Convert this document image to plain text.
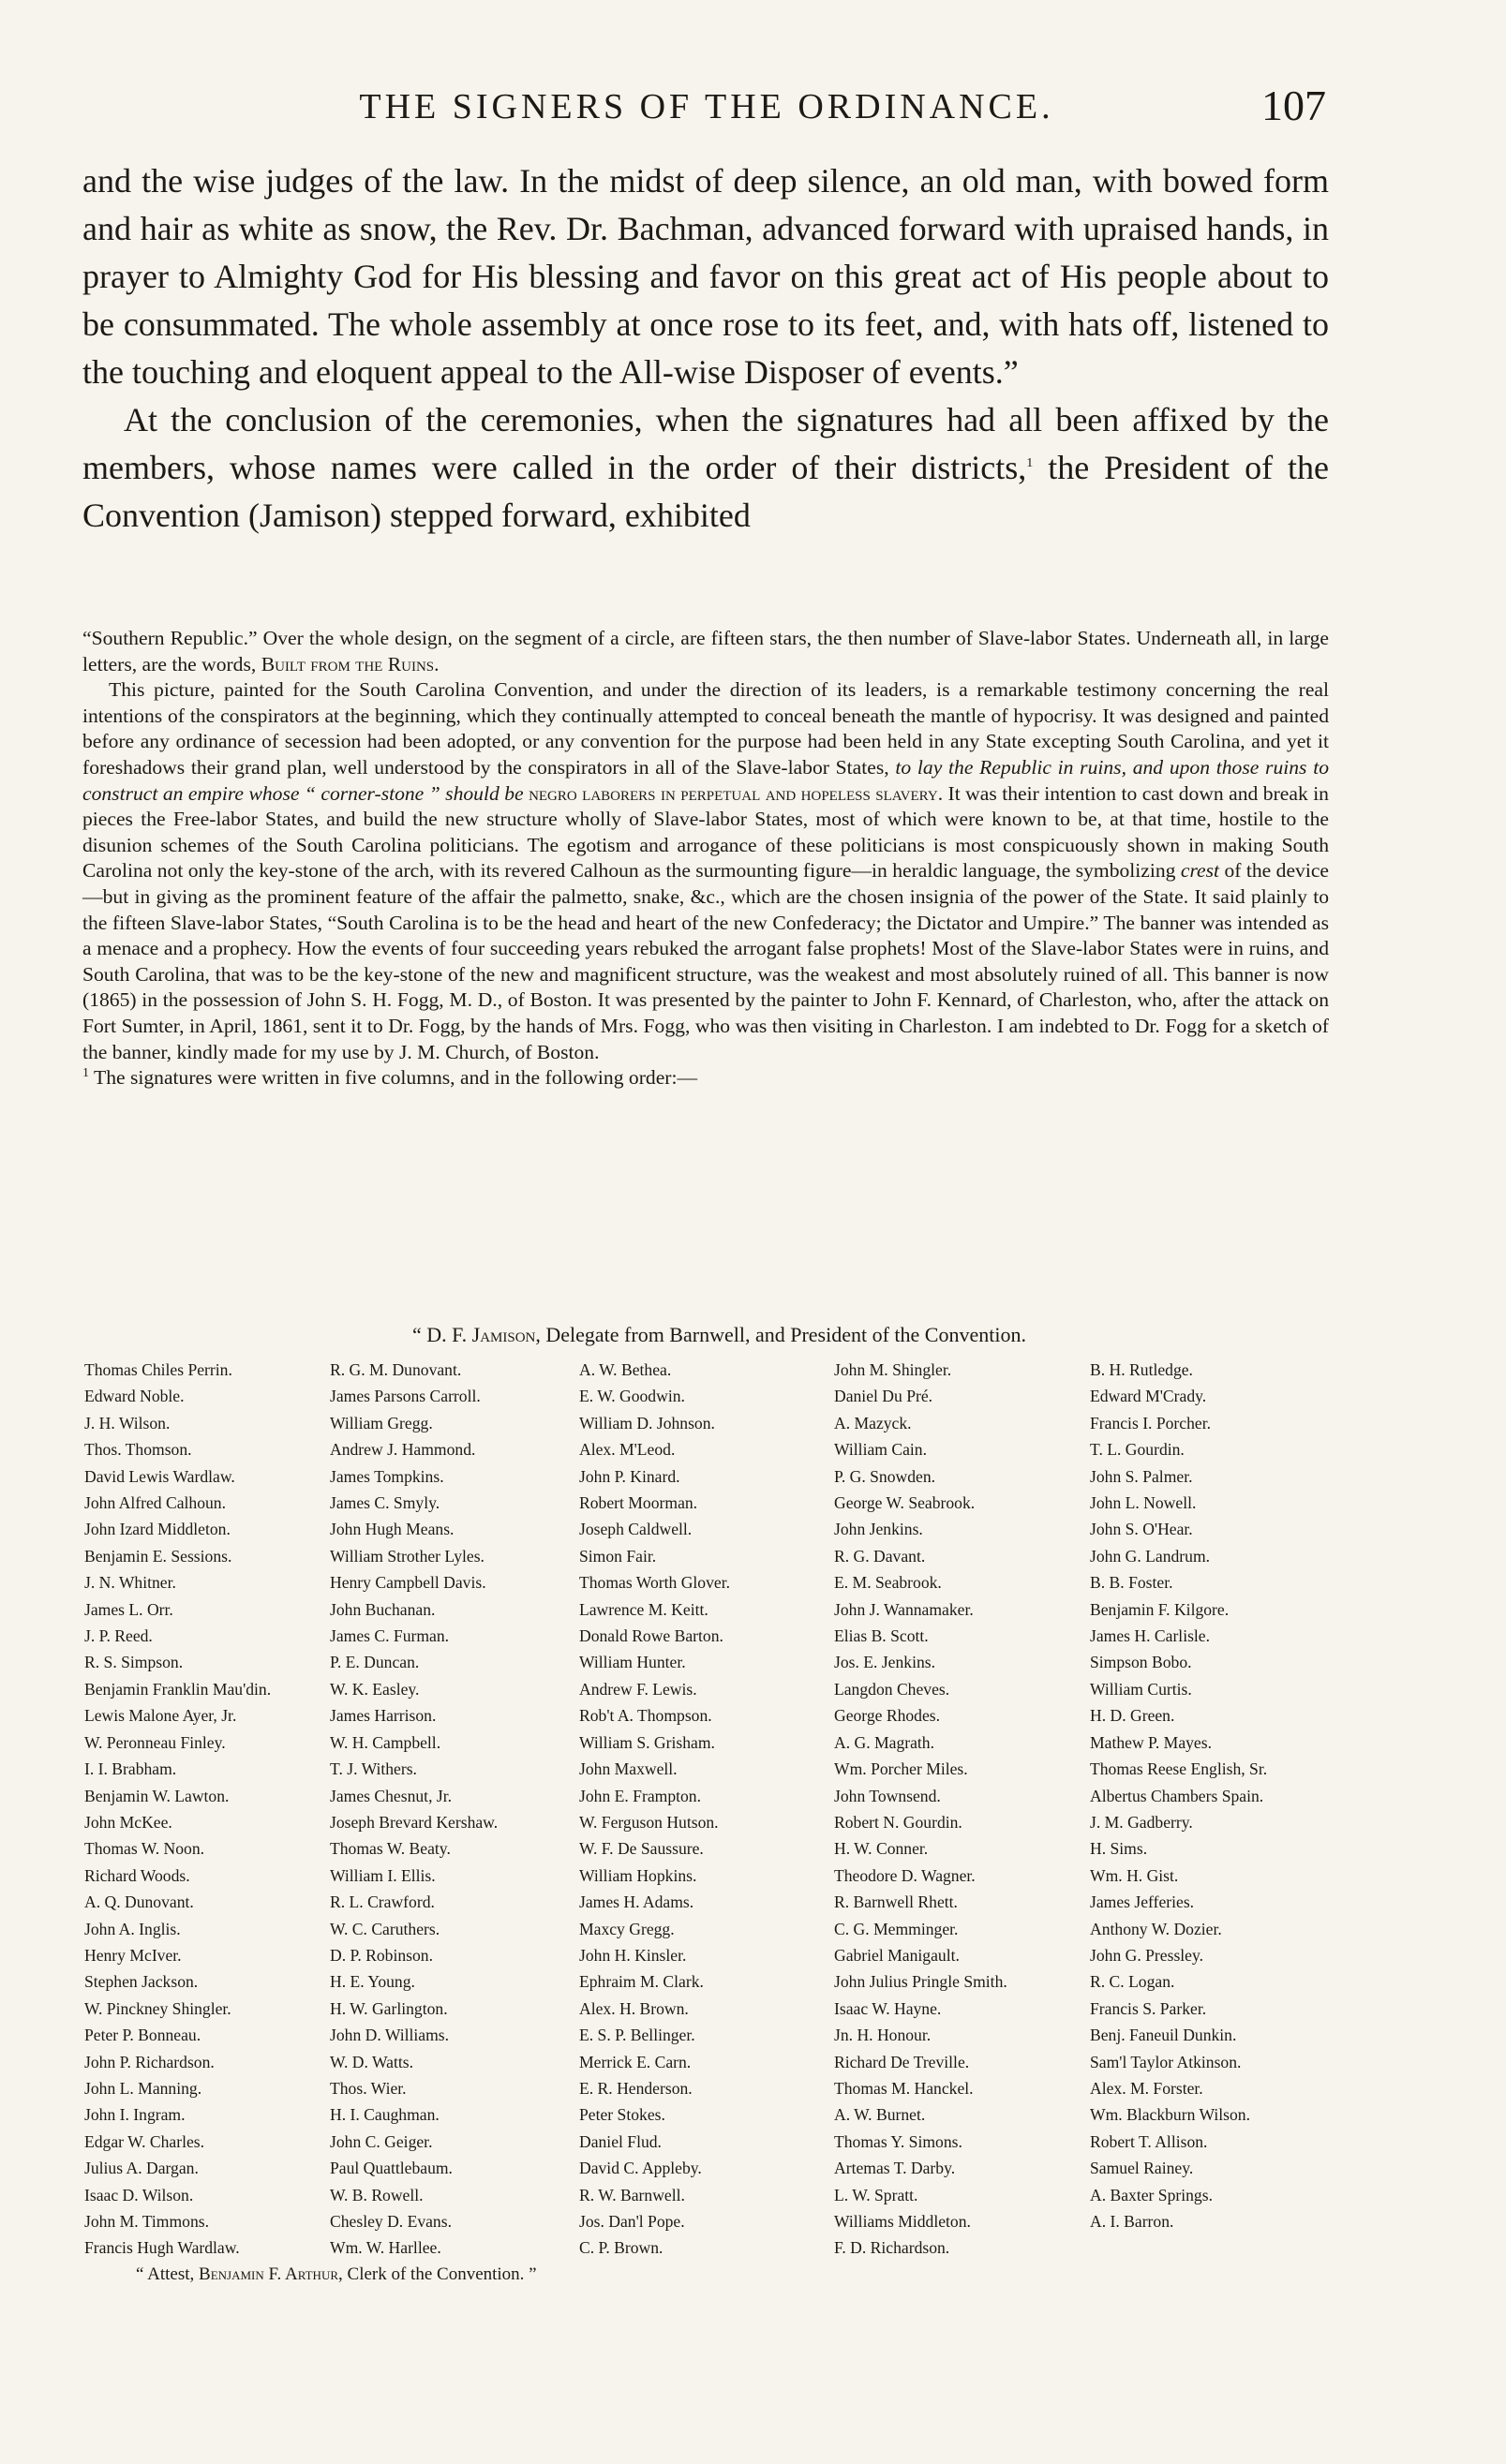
THE SIGNERS OF THE ORDINANCE.	107

and the wise judges of the law. In the midst of deep silence, an old man, with bowed form and hair as white as snow, the Rev. Dr. Bachman, advanced forward with upraised hands, in prayer to Almighty God for His blessing and favor on this great act of His people about to be consummated. The whole assembly at once rose to its feet, and, with hats off, listened to the touching and eloquent appeal to the All-wise Disposer of events.”

At the conclusion of the ceremonies, when the signatures had all been affixed by the members, whose names were called in the order of their districts,$^1$ the President of the Convention (Jamison) stepped forward, exhibited

“Southern Republic.” Over the whole design, on the segment of a circle, are fifteen stars, the then number of Slave-labor States. Underneath all, in large letters, are the words, Built from the Ruins.

This picture, painted for the South Carolina Convention, and under the direction of its leaders, is a remarkable testimony concerning the real intentions of the conspirators at the beginning, which they continually attempted to conceal beneath the mantle of hypocrisy. It was designed and painted before any ordinance of secession had been adopted, or any convention for the purpose had been held in any State excepting South Carolina, and yet it foreshadows their grand plan, well understood by the conspirators in all of the Slave-labor States, to lay the Republic in ruins, and upon those ruins to construct an empire whose “ corner-stone ” should be negro laborers in perpetual and hopeless slavery. It was their intention to cast down and break in pieces the Free-labor States, and build the new structure wholly of Slave-labor States, most of which were known to be, at that time, hostile to the disunion schemes of the South Carolina politicians. The egotism and arrogance of these politicians is most conspicuously shown in making South Carolina not only the key-stone of the arch, with its revered Calhoun as the surmounting figure—in heraldic language, the symbolizing crest of the device—but in giving as the prominent feature of the affair the palmetto, snake, &c., which are the chosen insignia of the power of the State. It said plainly to the fifteen Slave-labor States, “South Carolina is to be the head and heart of the new Confederacy; the Dictator and Umpire.” The banner was intended as a menace and a prophecy. How the events of four succeeding years rebuked the arrogant false prophets! Most of the Slave-labor States were in ruins, and South Carolina, that was to be the key-stone of the new and magnificent structure, was the weakest and most absolutely ruined of all. This banner is now (1865) in the possession of John S. H. Fogg, M. D., of Boston. It was presented by the painter to John F. Kennard, of Charleston, who, after the attack on Fort Sumter, in April, 1861, sent it to Dr. Fogg, by the hands of Mrs. Fogg, who was then visiting in Charleston. I am indebted to Dr. Fogg for a sketch of the banner, kindly made for my use by J. M. Church, of Boston.

$^1$ The signatures were written in five columns, and in the following order:—

“ D. F. Jamison, Delegate from Barnwell, and President of the Convention.
Thomas Chiles Perrin.
Edward Noble.
J. H. Wilson.
Thos. Thomson.
David Lewis Wardlaw.
John Alfred Calhoun.
John Izard Middleton.
Benjamin E. Sessions.
J. N. Whitner.
James L. Orr.
J. P. Reed.
R. S. Simpson.
Benjamin Franklin Mau'din.
Lewis Malone Ayer, Jr.
W. Peronneau Finley.
I. I. Brabham.
Benjamin W. Lawton.
John McKee.
Thomas W. Noon.
Richard Woods.
A. Q. Dunovant.
John A. Inglis.
Henry McIver.
Stephen Jackson.
W. Pinckney Shingler.
Peter P. Bonneau.
John P. Richardson.
John L. Manning.
John I. Ingram.
Edgar W. Charles.
Julius A. Dargan.
Isaac D. Wilson.
John M. Timmons.
Francis Hugh Wardlaw.
R. G. M. Dunovant.
James Parsons Carroll.
William Gregg.
Andrew J. Hammond.
James Tompkins.
James C. Smyly.
John Hugh Means.
William Strother Lyles.
Henry Campbell Davis.
John Buchanan.
James C. Furman.
P. E. Duncan.
W. K. Easley.
James Harrison.
W. H. Campbell.
T. J. Withers.
James Chesnut, Jr.
Joseph Brevard Kershaw.
Thomas W. Beaty.
William I. Ellis.
R. L. Crawford.
W. C. Caruthers.
D. P. Robinson.
H. E. Young.
H. W. Garlington.
John D. Williams.
W. D. Watts.
Thos. Wier.
H. I. Caughman.
John C. Geiger.
Paul Quattlebaum.
W. B. Rowell.
Chesley D. Evans.
Wm. W. Harllee.
A. W. Bethea.
E. W. Goodwin.
William D. Johnson.
Alex. M'Leod.
John P. Kinard.
Robert Moorman.
Joseph Caldwell.
Simon Fair.
Thomas Worth Glover.
Lawrence M. Keitt.
Donald Rowe Barton.
William Hunter.
Andrew F. Lewis.
Rob't A. Thompson.
William S. Grisham.
John Maxwell.
John E. Frampton.
W. Ferguson Hutson.
W. F. De Saussure.
William Hopkins.
James H. Adams.
Maxcy Gregg.
John H. Kinsler.
Ephraim M. Clark.
Alex. H. Brown.
E. S. P. Bellinger.
Merrick E. Carn.
E. R. Henderson.
Peter Stokes.
Daniel Flud.
David C. Appleby.
R. W. Barnwell.
Jos. Dan'l Pope.
C. P. Brown.
John M. Shingler.
Daniel Du Pré.
A. Mazyck.
William Cain.
P. G. Snowden.
George W. Seabrook.
John Jenkins.
R. G. Davant.
E. M. Seabrook.
John J. Wannamaker.
Elias B. Scott.
Jos. E. Jenkins.
Langdon Cheves.
George Rhodes.
A. G. Magrath.
Wm. Porcher Miles.
John Townsend.
Robert N. Gourdin.
H. W. Conner.
Theodore D. Wagner.
R. Barnwell Rhett.
C. G. Memminger.
Gabriel Manigault.
John Julius Pringle Smith.
Isaac W. Hayne.
Jn. H. Honour.
Richard De Treville.
Thomas M. Hanckel.
A. W. Burnet.
Thomas Y. Simons.
Artemas T. Darby.
L. W. Spratt.
Williams Middleton.
F. D. Richardson.
B. H. Rutledge.
Edward M'Crady.
Francis I. Porcher.
T. L. Gourdin.
John S. Palmer.
John L. Nowell.
John S. O'Hear.
John G. Landrum.
B. B. Foster.
Benjamin F. Kilgore.
James H. Carlisle.
Simpson Bobo.
William Curtis.
H. D. Green.
Mathew P. Mayes.
Thomas Reese English, Sr.
Albertus Chambers Spain.
J. M. Gadberry.
H. Sims.
Wm. H. Gist.
James Jefferies.
Anthony W. Dozier.
John G. Pressley.
R. C. Logan.
Francis S. Parker.
Benj. Faneuil Dunkin.
Sam'l Taylor Atkinson.
Alex. M. Forster.
Wm. Blackburn Wilson.
Robert T. Allison.
Samuel Rainey.
A. Baxter Springs.
A. I. Barron.
“ Attest, Benjamin F. Arthur, Clerk of the Convention. ”
